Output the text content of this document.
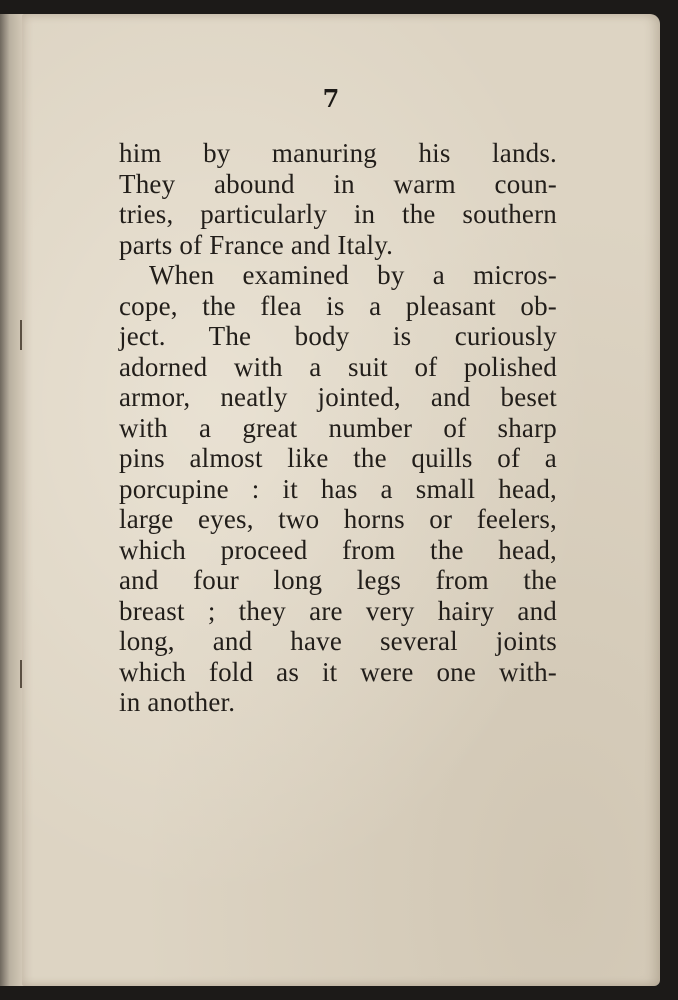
7
him by manuring his lands.
They abound in warm coun-
tries, particularly in the southern
parts of France and Italy.
When examined by a micros-
cope, the flea is a pleasant ob-
ject. The body is curiously
adorned with a suit of polished
armor, neatly jointed, and beset
with a great number of sharp
pins almost like the quills of a
porcupine : it has a small head,
large eyes, two horns or feelers,
which proceed from the head,
and four long legs from the
breast ; they are very hairy and
long, and have several joints
which fold as it were one with-
in another.
